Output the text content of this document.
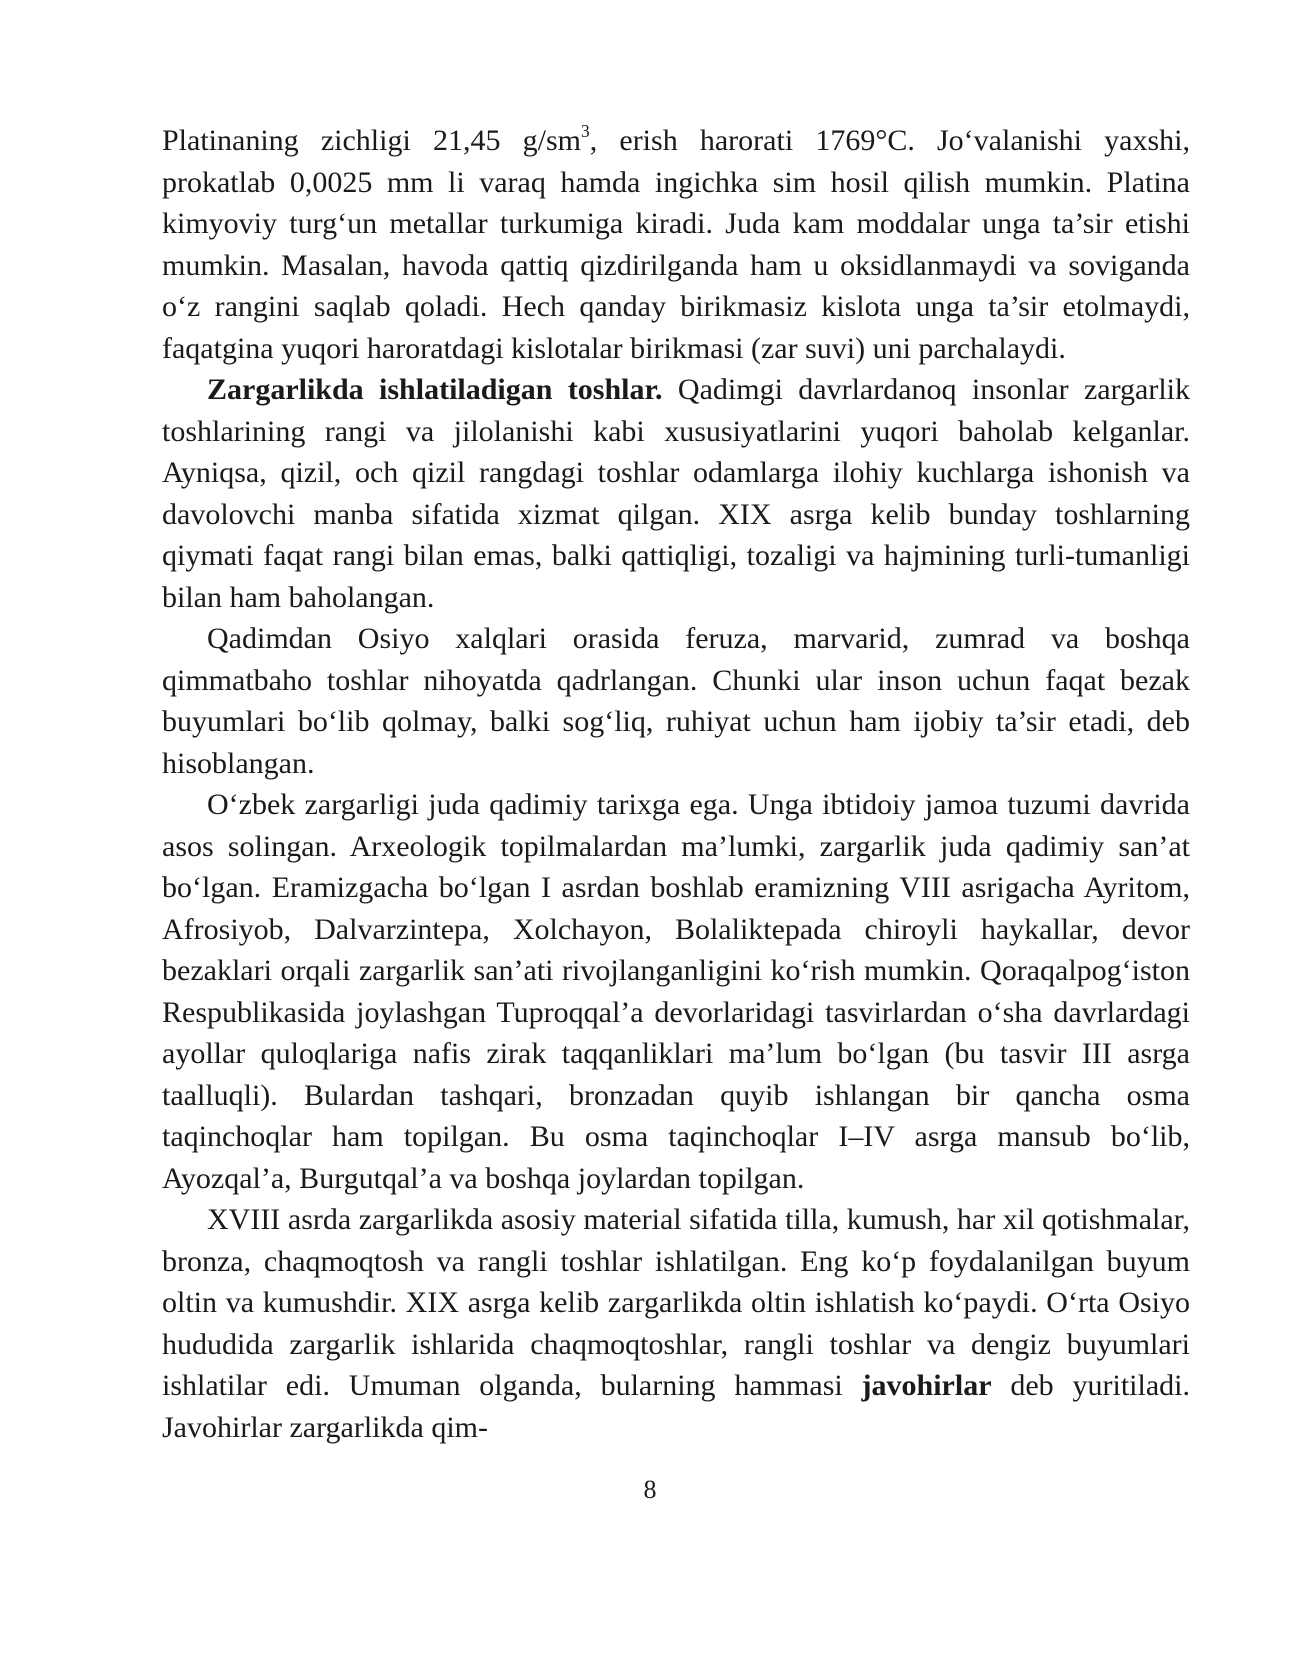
Platinaning zichligi 21,45 $g/sm^3$, erish harorati 1769°C. Jo‘valanishi yaxshi, prokatlab 0,0025 mm li varaq hamda ingichka sim hosil qilish mumkin. Platina kimyoviy turg‘un metallar turkumiga kiradi. Juda kam moddalar unga ta’sir etishi mumkin. Masalan, havoda qattiq qizdirilganda ham u oksidlanmaydi va soviganda o‘z rangini saqlab qoladi. Hech qanday birikmasiz kislota unga ta’sir etolmaydi, faqatgina yuqori haroratdagi kislotalar birikmasi (zar suvi) uni parchalaydi.

Zargarlikda ishlatiladigan toshlar. Qadimgi davrlardanoq insonlar zargarlik toshlarining rangi va jilolanishi kabi xususiyatlarini yuqori baholab kelganlar. Ayniqsa, qizil, och qizil rangdagi toshlar odamlarga ilohiy kuchlarga ishonish va davolovchi manba sifatida xizmat qilgan. XIX asrga kelib bunday toshlarning qiymati faqat rangi bilan emas, balki qattiqligi, tozaligi va hajmining turli-tumanligi bilan ham baholangan.

Qadimdan Osiyo xalqlari orasida feruza, marvarid, zumrad va boshqa qimmatbaho toshlar nihoyatda qadrlangan. Chunki ular inson uchun faqat bezak buyumlari bo‘lib qolmay, balki sog‘liq, ruhiyat uchun ham ijobiy ta’sir etadi, deb hisoblangan.

O‘zbek zargarligi juda qadimiy tarixga ega. Unga ibtidoiy jamoa tuzumi davrida asos solingan. Arxeologik topilmalardan ma’lumki, zargarlik juda qadimiy san’at bo‘lgan. Eramizgacha bo‘lgan I asrdan boshlab eramizning VIII asrigacha Ayritom, Afrosiyob, Dalvarzintepa, Xolchayon, Bolaliktepada chiroyli haykallar, devor bezaklari orqali zargarlik san’ati rivojlanganligini ko‘rish mumkin. Qoraqalpog‘iston Respublikasida joylashgan Tuproqqal’a devorlaridagi tasvirlardan o‘sha davrlardagi ayollar quloqlariga nafis zirak taqqanliklari ma’lum bo‘lgan (bu tasvir III asrga taalluqli). Bulardan tashqari, bronzadan quyib ishlangan bir qancha osma taqinchoqlar ham topilgan. Bu osma taqinchoqlar I–IV asrga mansub bo‘lib, Ayozqal’a, Burgutqal’a va boshqa joylardan topilgan.

XVIII asrda zargarlikda asosiy material sifatida tilla, kumush, har xil qotishmalar, bronza, chaqmoqtosh va rangli toshlar ishlatilgan. Eng ko‘p foydalanilgan buyum oltin va kumushdir. XIX asrga kelib zargarlikda oltin ishlatish ko‘paydi. O‘rta Osiyo hududida zargarlik ishlarida chaqmoqtoshlar, rangli toshlar va dengiz buyumlari ishlatilar edi. Umuman olganda, bularning hammasi javohirlar deb yuritiladi. Javohirlar zargarlikda qim-

8
